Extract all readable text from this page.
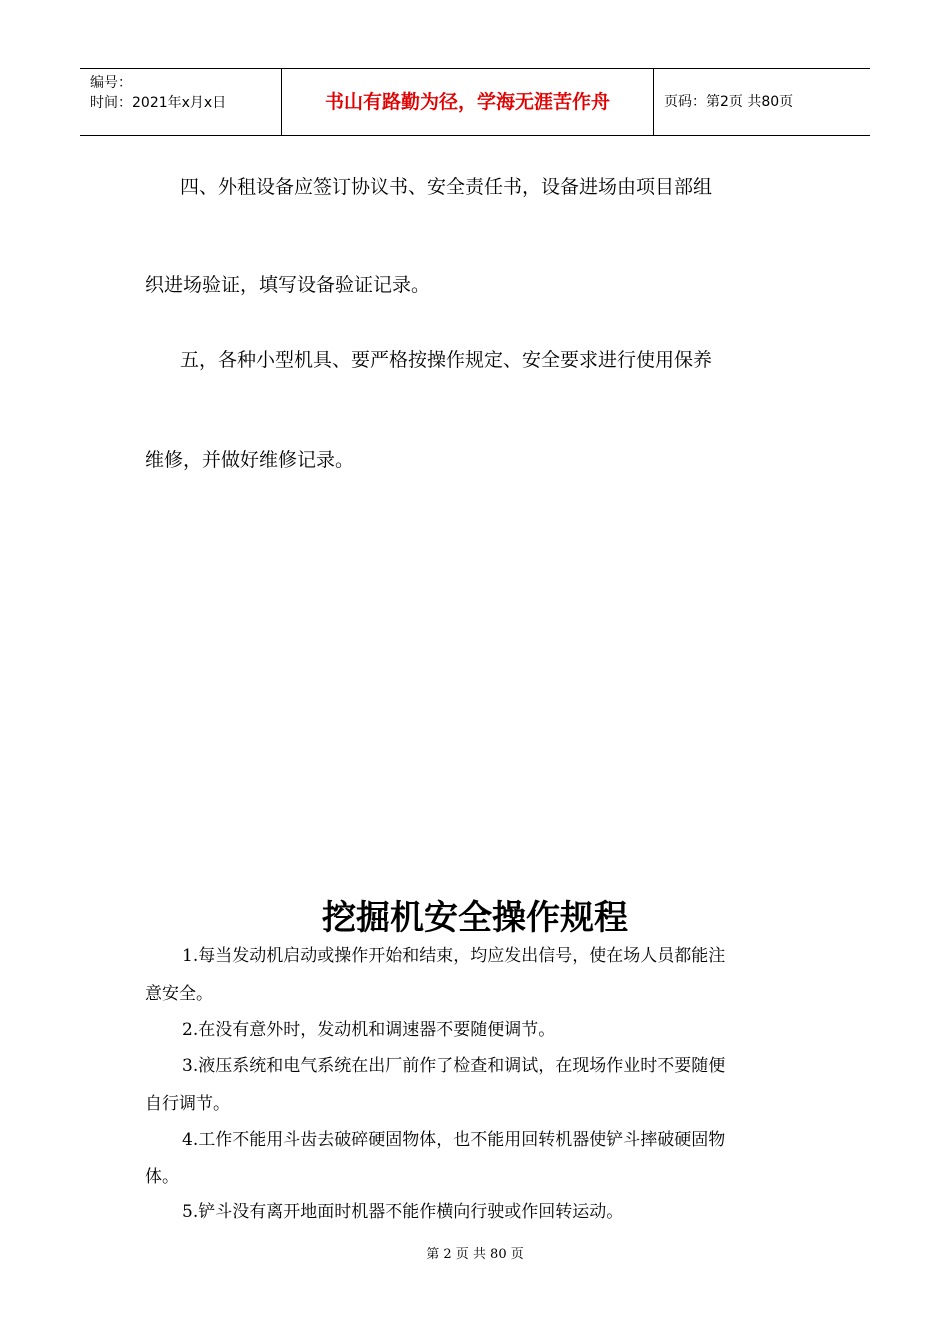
编号：
时间：2021年x月x日	书山有路勤为径，学海无涯苦作舟	页码：第2页 共80页
四、外租设备应签订协议书、安全责任书，设备进场由项目部组
织进场验证，填写设备验证记录。
五，各种小型机具、要严格按操作规定、安全要求进行使用保养
维修，并做好维修记录。
挖掘机安全操作规程
1.每当发动机启动或操作开始和结束，均应发出信号，使在场人员都能注
意安全。
2.在没有意外时，发动机和调速器不要随便调节。
3.液压系统和电气系统在出厂前作了检查和调试，在现场作业时不要随便
自行调节。
4.工作不能用斗齿去破碎硬固物体，也不能用回转机器使铲斗摔破硬固物
体。
5.铲斗没有离开地面时机器不能作横向行驶或作回转运动。
第 2 页 共 80 页
